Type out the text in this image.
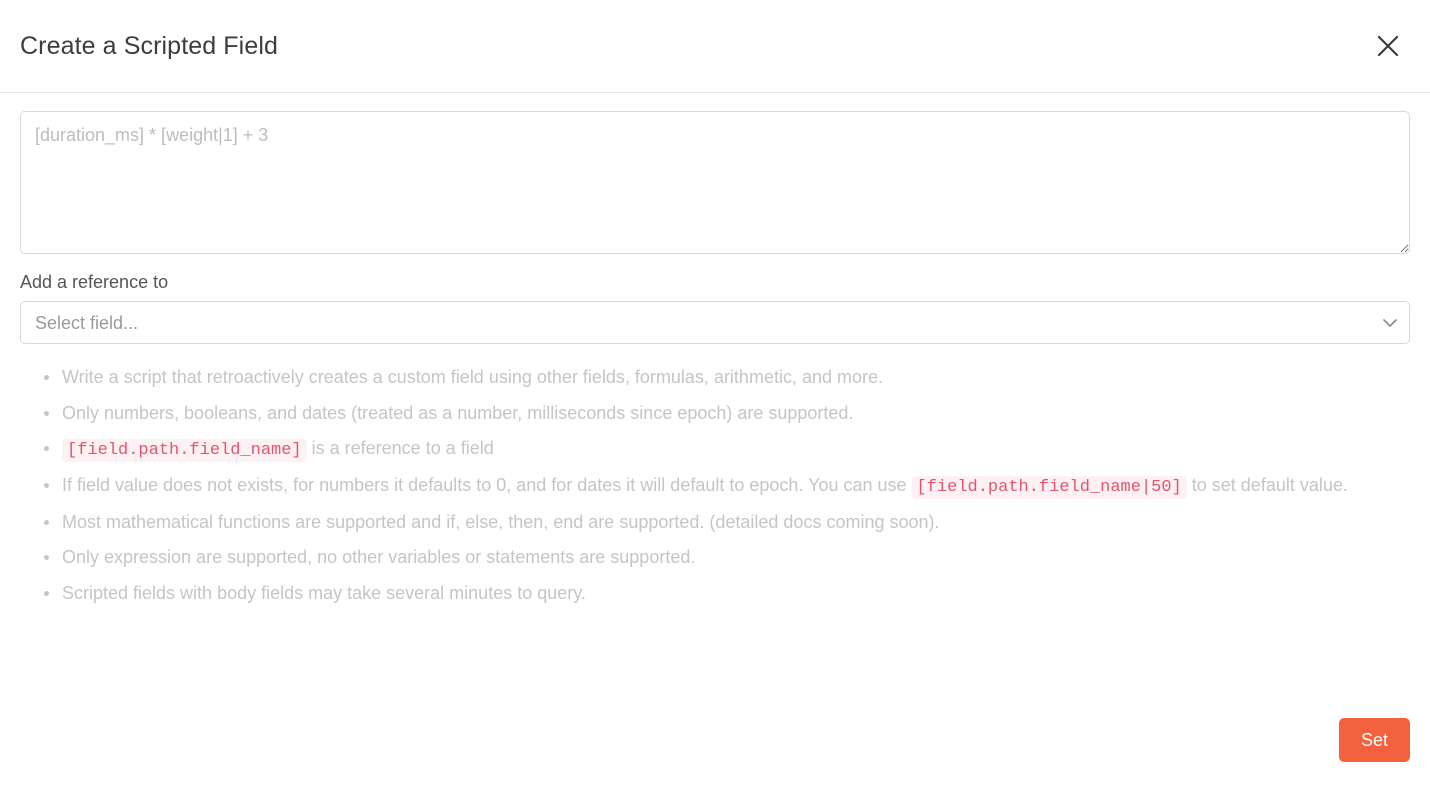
Create a Scripted Field
[duration_ms] * [weight|1] + 3
Add a reference to
Select field...
Write a script that retroactively creates a custom field using other fields, formulas, arithmetic, and more.
Only numbers, booleans, and dates (treated as a number, milliseconds since epoch) are supported.
[field.path.field_name] is a reference to a field
If field value does not exists, for numbers it defaults to 0, and for dates it will default to epoch. You can use [field.path.field_name|50] to set default value.
Most mathematical functions are supported and if, else, then, end are supported. (detailed docs coming soon).
Only expression are supported, no other variables or statements are supported.
Scripted fields with body fields may take several minutes to query.
Set
